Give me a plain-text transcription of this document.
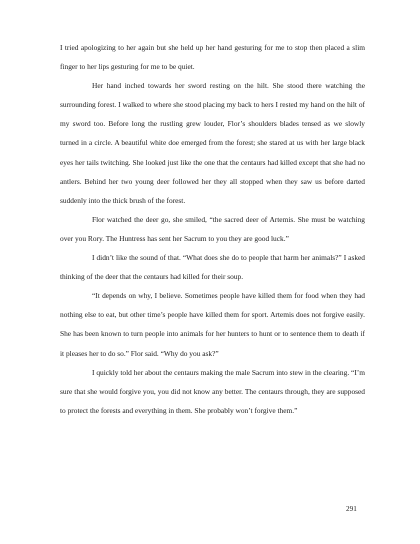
I tried apologizing to her again but she held up her hand gesturing for me to stop then placed a slim finger to her lips gesturing for me to be quiet.

Her hand inched towards her sword resting on the hilt. She stood there watching the surrounding forest. I walked to where she stood placing my back to hers I rested my hand on the hilt of my sword too. Before long the rustling grew louder, Flor’s shoulders blades tensed as we slowly turned in a circle. A beautiful white doe emerged from the forest; she stared at us with her large black eyes her tails twitching. She looked just like the one that the centaurs had killed except that she had no antlers. Behind her two young deer followed her they all stopped when they saw us before darted suddenly into the thick brush of the forest.

Flor watched the deer go, she smiled, “the sacred deer of Artemis. She must be watching over you Rory. The Huntress has sent her Sacrum to you they are good luck.”

I didn’t like the sound of that. “What does she do to people that harm her animals?” I asked thinking of the deer that the centaurs had killed for their soup.

“It depends on why, I believe. Sometimes people have killed them for food when they had nothing else to eat, but other time’s people have killed them for sport. Artemis does not forgive easily. She has been known to turn people into animals for her hunters to hunt or to sentence them to death if it pleases her to do so.” Flor said. “Why do you ask?”

I quickly told her about the centaurs making the male Sacrum into stew in the clearing. “I’m sure that she would forgive you, you did not know any better. The centaurs through, they are supposed to protect the forests and everything in them. She probably won’t forgive them.”

291
